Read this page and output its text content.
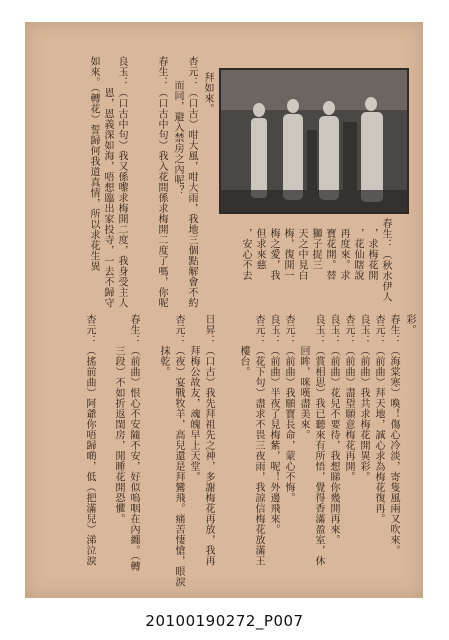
春生：（秋水伊人
，求梅花開
，花仙瞎說
再度來。求
寶花開。替
獅子捉三
天之中見白
梅，復開一
梅之愛，我
但求來慈
，安心不去
拜如來。
杏元：（口古）咁大風，咁大雨，我地三個點解會不約
而同，避入禁房之內呢？
春生：（口古中句）我入花間係求梅開二度了嗎，你呢
良玉：（口古中句）我又係嚟求梅開二度，我身受主人
　　　恩，恩義深如海，唔想臨出家投寺，一去不歸守
如來。（轉花）誓歸何我道真情，所以求花生異
彩。
春生：（海棠寒）喚！傷心冷淡，寄隻風兩又吹來。
杏元：（前曲）拜天地，誠心求為梅花復再。
良玉：（前曲）我共求梅花開異彩。
杏元：（前曲）盡望願意梅花再開。
良玉：（前曲）花兒不要待，我想睇你幾開再來。
良玉：（賞相思）我已聽來有所悟，覺得香滿盈室，休
　　　回眸，咪嘆盡美來。
杏元：（前曲）我願寶長命，蒙心不悔。
良玉：（前曲）半夜了見梅紫，呢！外邊飛來。
杏元：（花下句）盡求不畏三夜雨，我諒信梅花放滿王
　　　樓台。
日昇：（口古）我先拜祖先之神，多謝梅花再放，我再
　　　拜梅公故友，魂魄早上天堂。
杏元：（夜）宴戰牧羊，高兒還是拜鸞飛。痛苦悽愴，眼淚
　　　抹乾。
春生：（前曲）恨心不安隨不安，好似嗚咽在內纏。（轉
　　　三段）不如折返閨房，閒睡花開恐懼。
杏元：（搖前曲）阿爺你唔歸啲，低（把滿兒）涕泣淚
20100190272_P007
